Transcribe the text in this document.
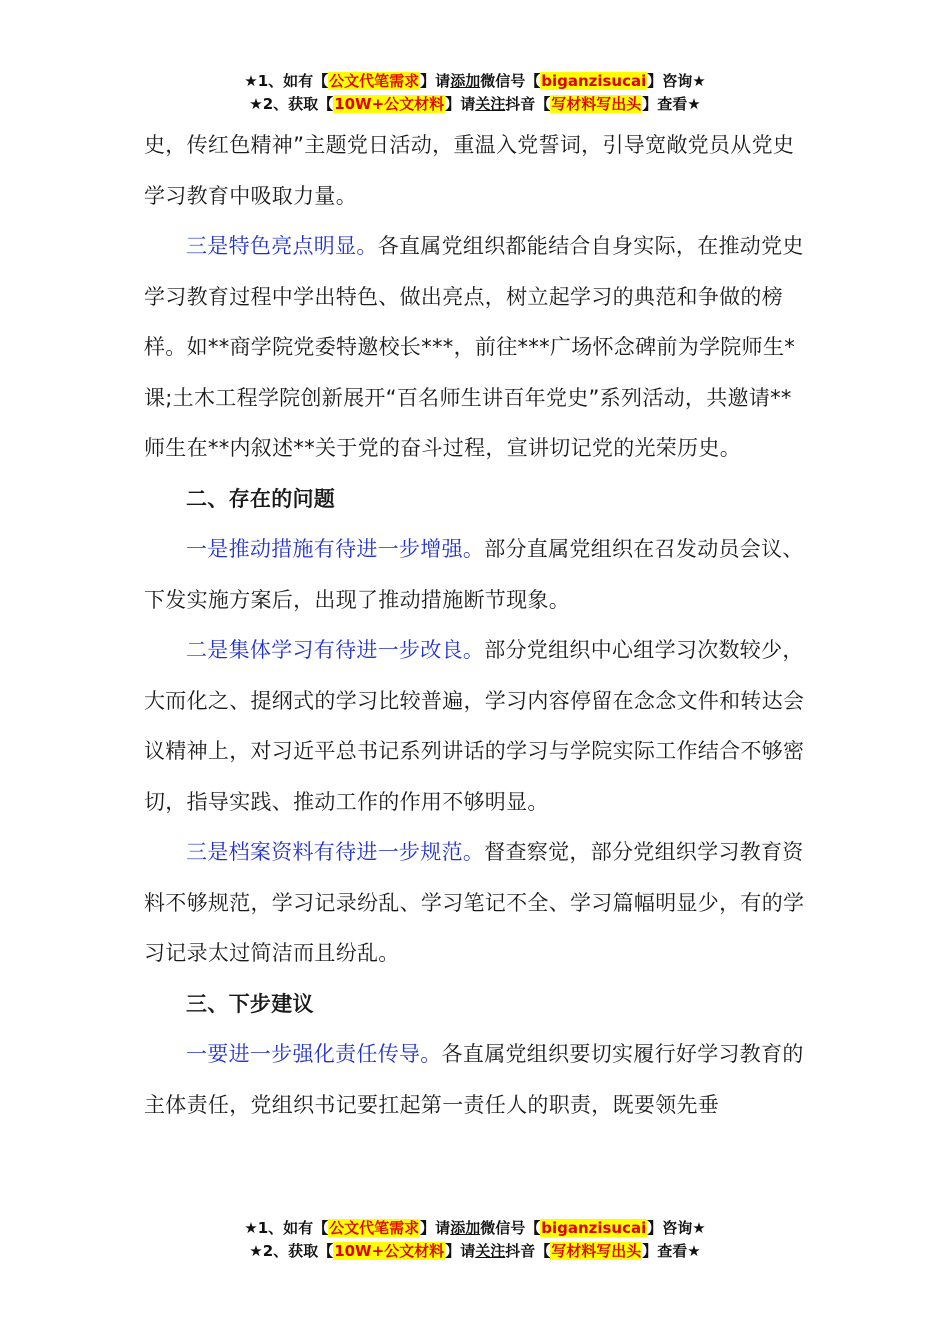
★1、如有【公文代笔需求】请添加微信号【biganzisucai】咨询★
★2、获取【10W+公文材料】请关注抖音【写材料写出头】查看★

史，传红色精神”主题党日活动，重温入党誓词，引导宽敞党员从党史学习教育中吸取力量。

三是特色亮点明显。各直属党组织都能结合自身实际，在推动党史学习教育过程中学出特色、做出亮点，树立起学习的典范和争做的榜样。如**商学院党委特邀校长***，前往***广场怀念碑前为学院师生*课;土木工程学院创新展开“百名师生讲百年党史”系列活动，共邀请**师生在**内叙述**关于党的奋斗过程，宣讲切记党的光荣历史。

二、存在的问题

一是推动措施有待进一步增强。部分直属党组织在召发动员会议、下发实施方案后，出现了推动措施断节现象。

二是集体学习有待进一步改良。部分党组织中心组学习次数较少，大而化之、提纲式的学习比较普遍，学习内容停留在念念文件和转达会议精神上，对习近平总书记系列讲话的学习与学院实际工作结合不够密切，指导实践、推动工作的作用不够明显。

三是档案资料有待进一步规范。督查察觉，部分党组织学习教育资料不够规范，学习记录纷乱、学习笔记不全、学习篇幅明显少，有的学习记录太过简洁而且纷乱。

三、下步建议

一要进一步强化责任传导。各直属党组织要切实履行好学习教育的主体责任，党组织书记要扛起第一责任人的职责，既要领先垂

★1、如有【公文代笔需求】请添加微信号【biganzisucai】咨询★
★2、获取【10W+公文材料】请关注抖音【写材料写出头】查看★
